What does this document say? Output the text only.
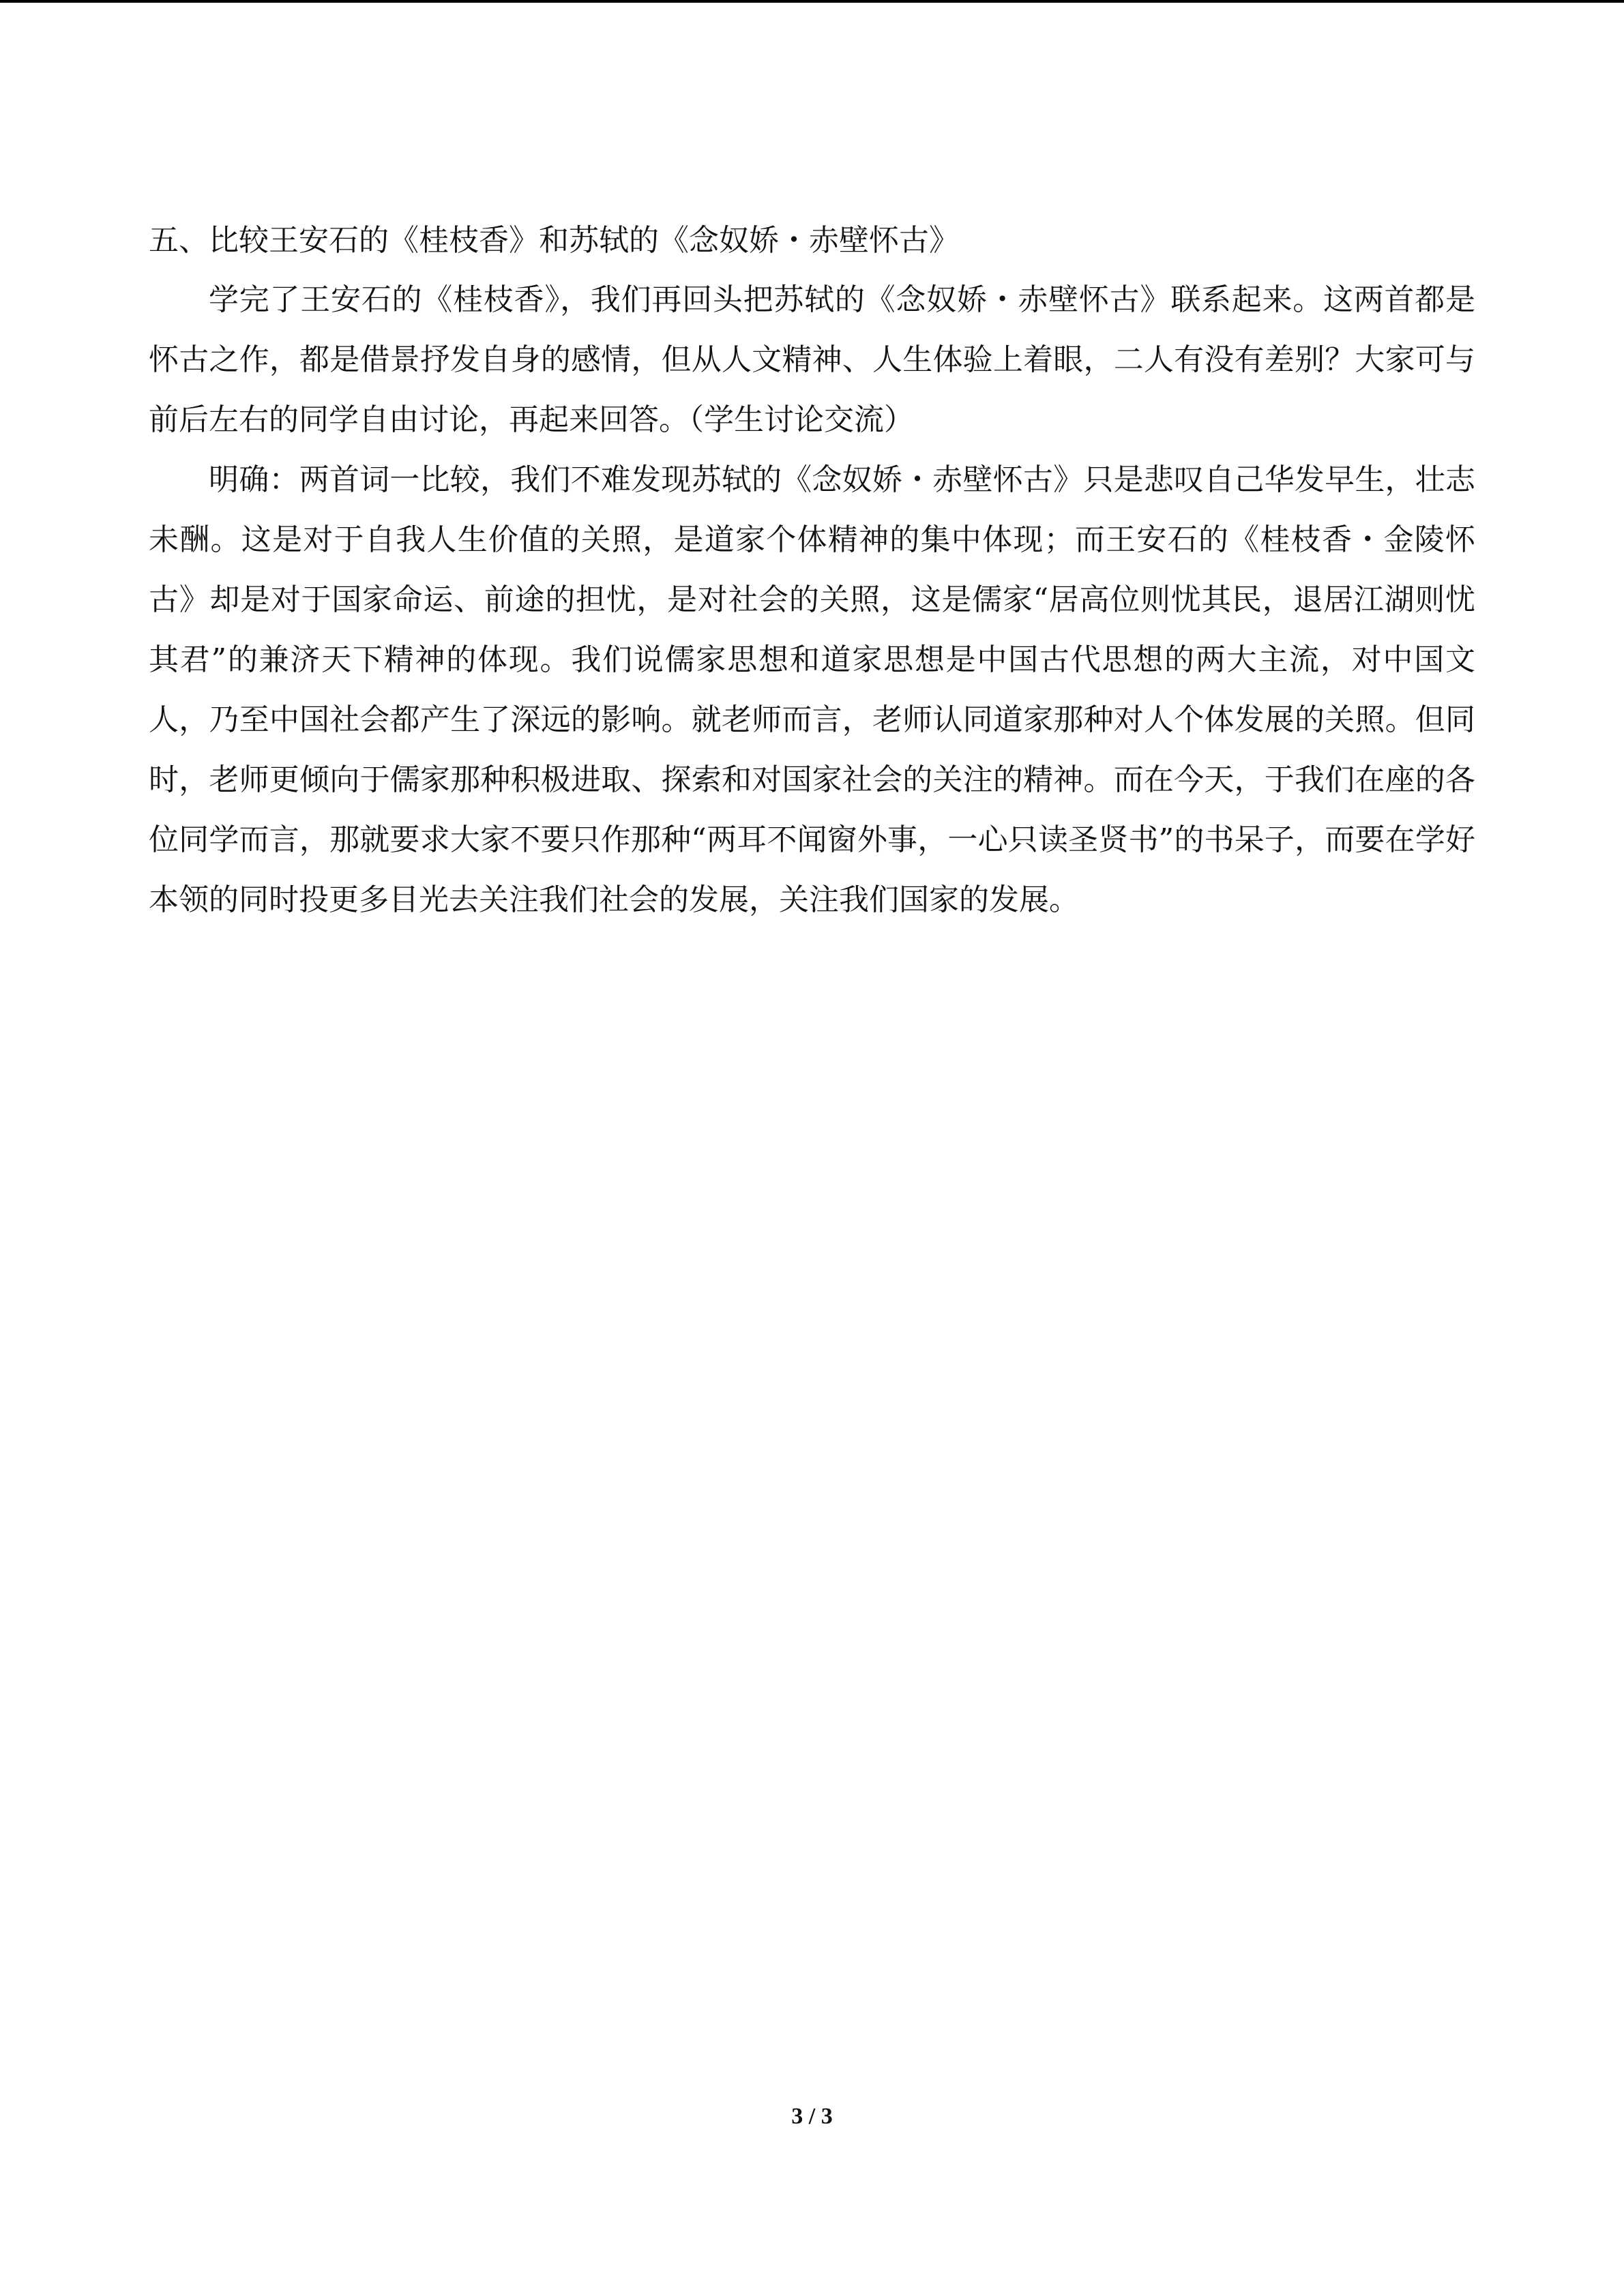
五、比较王安石的《桂枝香》和苏轼的《念奴娇・赤壁怀古》

学完了王安石的《桂枝香》，我们再回头把苏轼的《念奴娇・赤壁怀古》联系起来。这两首都是怀古之作，都是借景抒发自身的感情，但从人文精神、人生体验上着眼，二人有没有差别？大家可与前后左右的同学自由讨论，再起来回答。（学生讨论交流）

明确：两首词一比较，我们不难发现苏轼的《念奴娇・赤壁怀古》只是悲叹自己华发早生，壮志未酬。这是对于自我人生价值的关照，是道家个体精神的集中体现；而王安石的《桂枝香・金陵怀古》却是对于国家命运、前途的担忧，是对社会的关照，这是儒家“居高位则忧其民，退居江湖则忧其君”的兼济天下精神的体现。我们说儒家思想和道家思想是中国古代思想的两大主流，对中国文人，乃至中国社会都产生了深远的影响。就老师而言，老师认同道家那种对人个体发展的关照。但同时，老师更倾向于儒家那种积极进取、探索和对国家社会的关注的精神。而在今天，于我们在座的各位同学而言，那就要求大家不要只作那种“两耳不闻窗外事，一心只读圣贤书”的书呆子，而要在学好本领的同时投更多目光去关注我们社会的发展，关注我们国家的发展。

3 / 3
